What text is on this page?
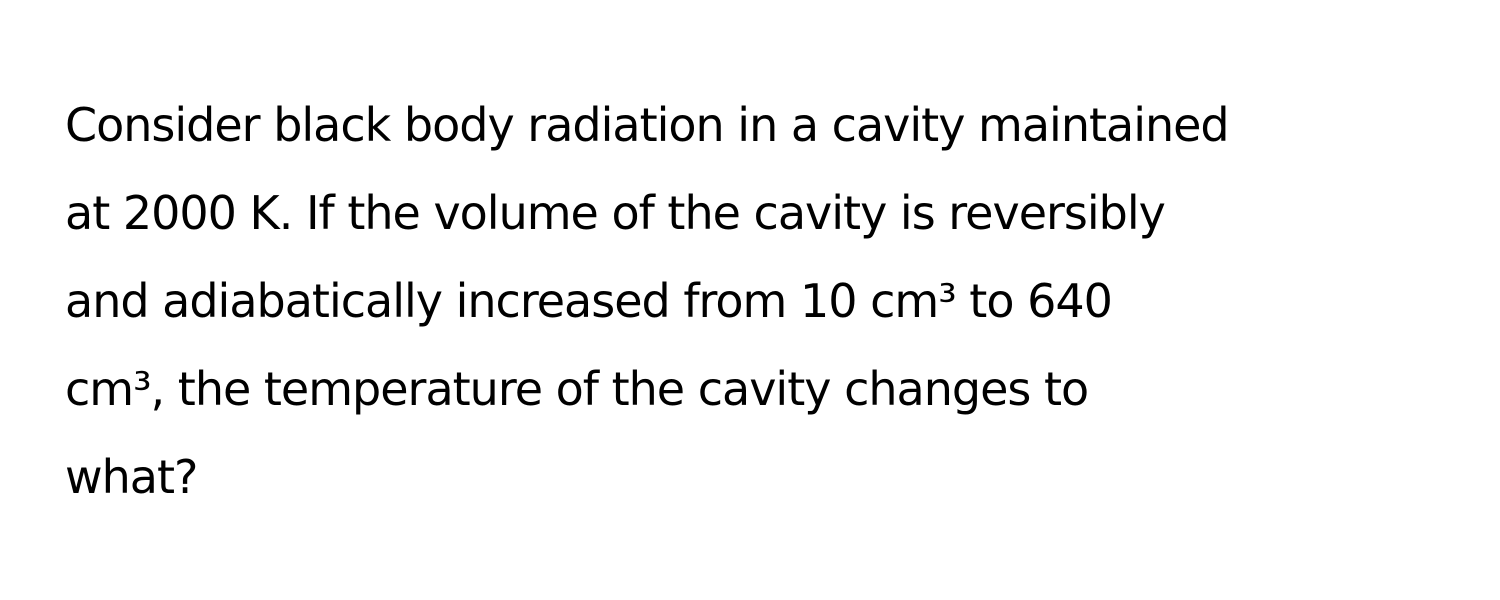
Consider black body radiation in a cavity maintained
at 2000 K. If the volume of the cavity is reversibly
and adiabatically increased from 10 cm³ to 640
cm³, the temperature of the cavity changes to
what?
